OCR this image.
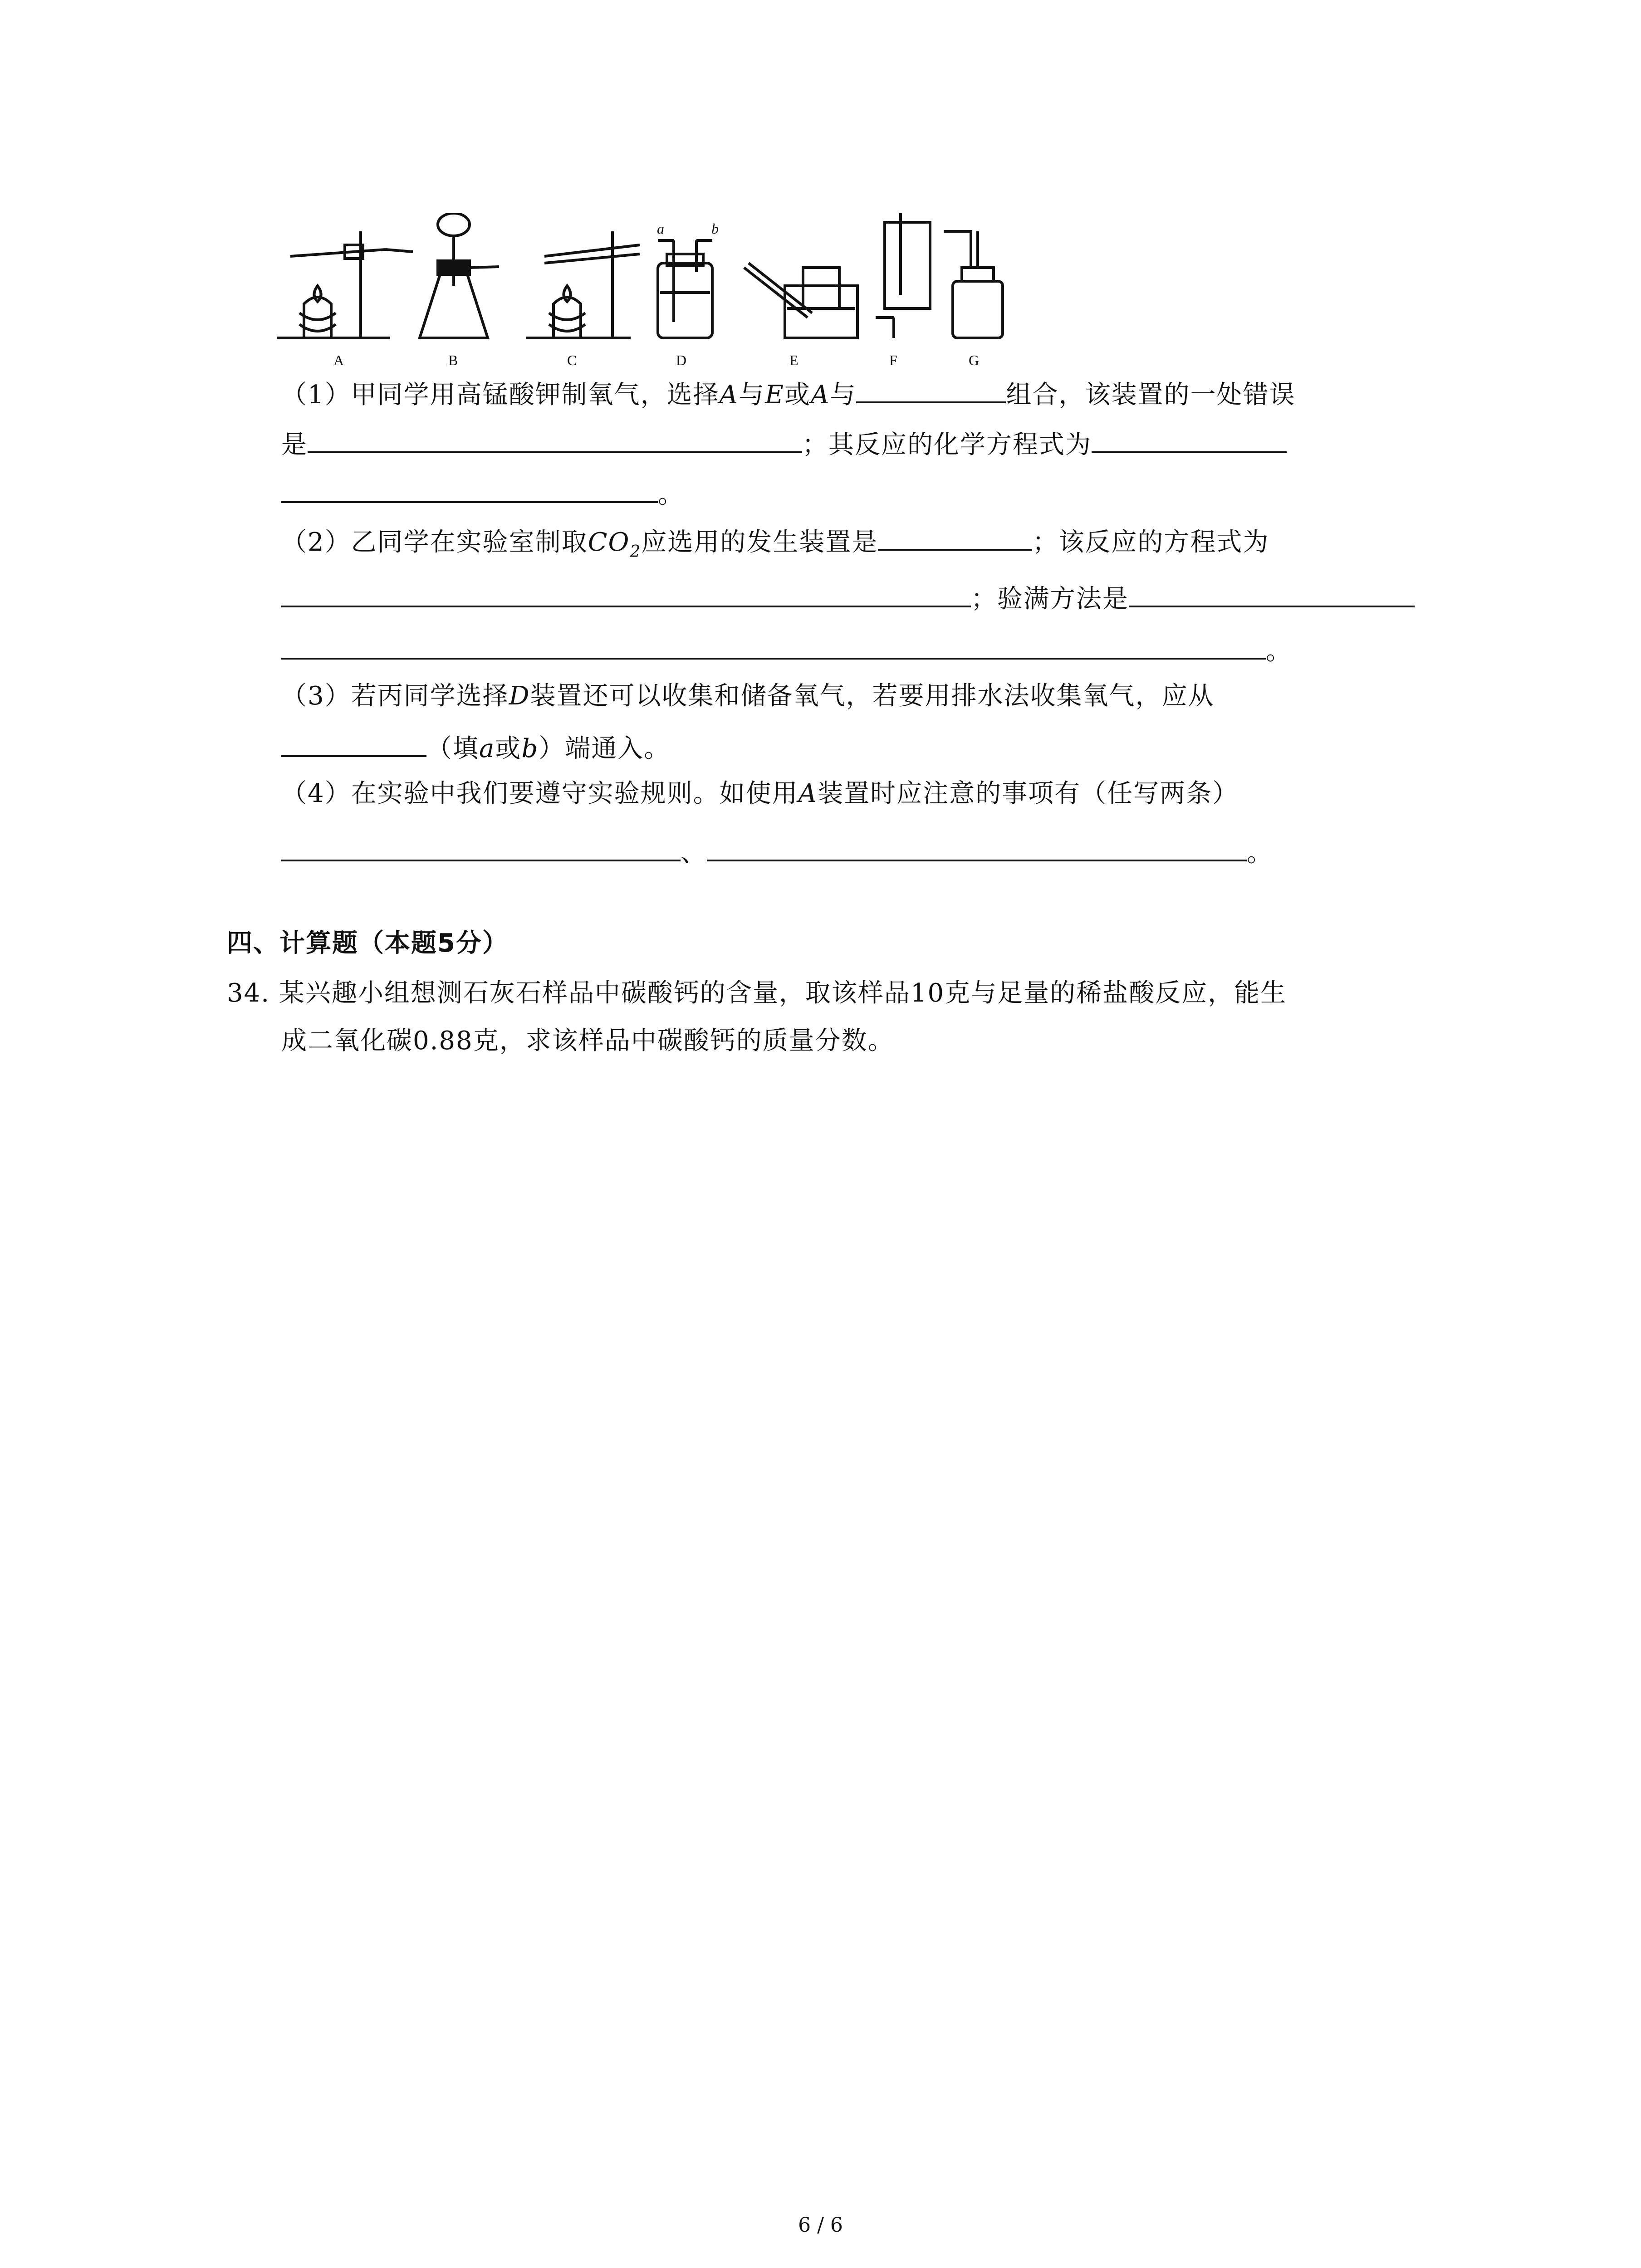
A	B	C	D	E	F	G
a	b
（1）甲同学用高锰酸钾制氧气，选择A与E或A与	组合，该装置的一处错误
是	；其反应的化学方程式为
。
（2）乙同学在实验室制取$CO_2$应选用的发生装置是	；该反应的方程式为
；验满方法是
。
（3）若丙同学选择D装置还可以收集和储备氧气，若要用排水法收集氧气，应从
（填a或b）端通入。
（4）在实验中我们要遵守实验规则。如使用A装置时应注意的事项有（任写两条）
、	。
四、计算题（本题5分）
34. 某兴趣小组想测石灰石样品中碳酸钙的含量，取该样品10克与足量的稀盐酸反应，能生
成二氧化碳0.88克，求该样品中碳酸钙的质量分数。
6 / 6
